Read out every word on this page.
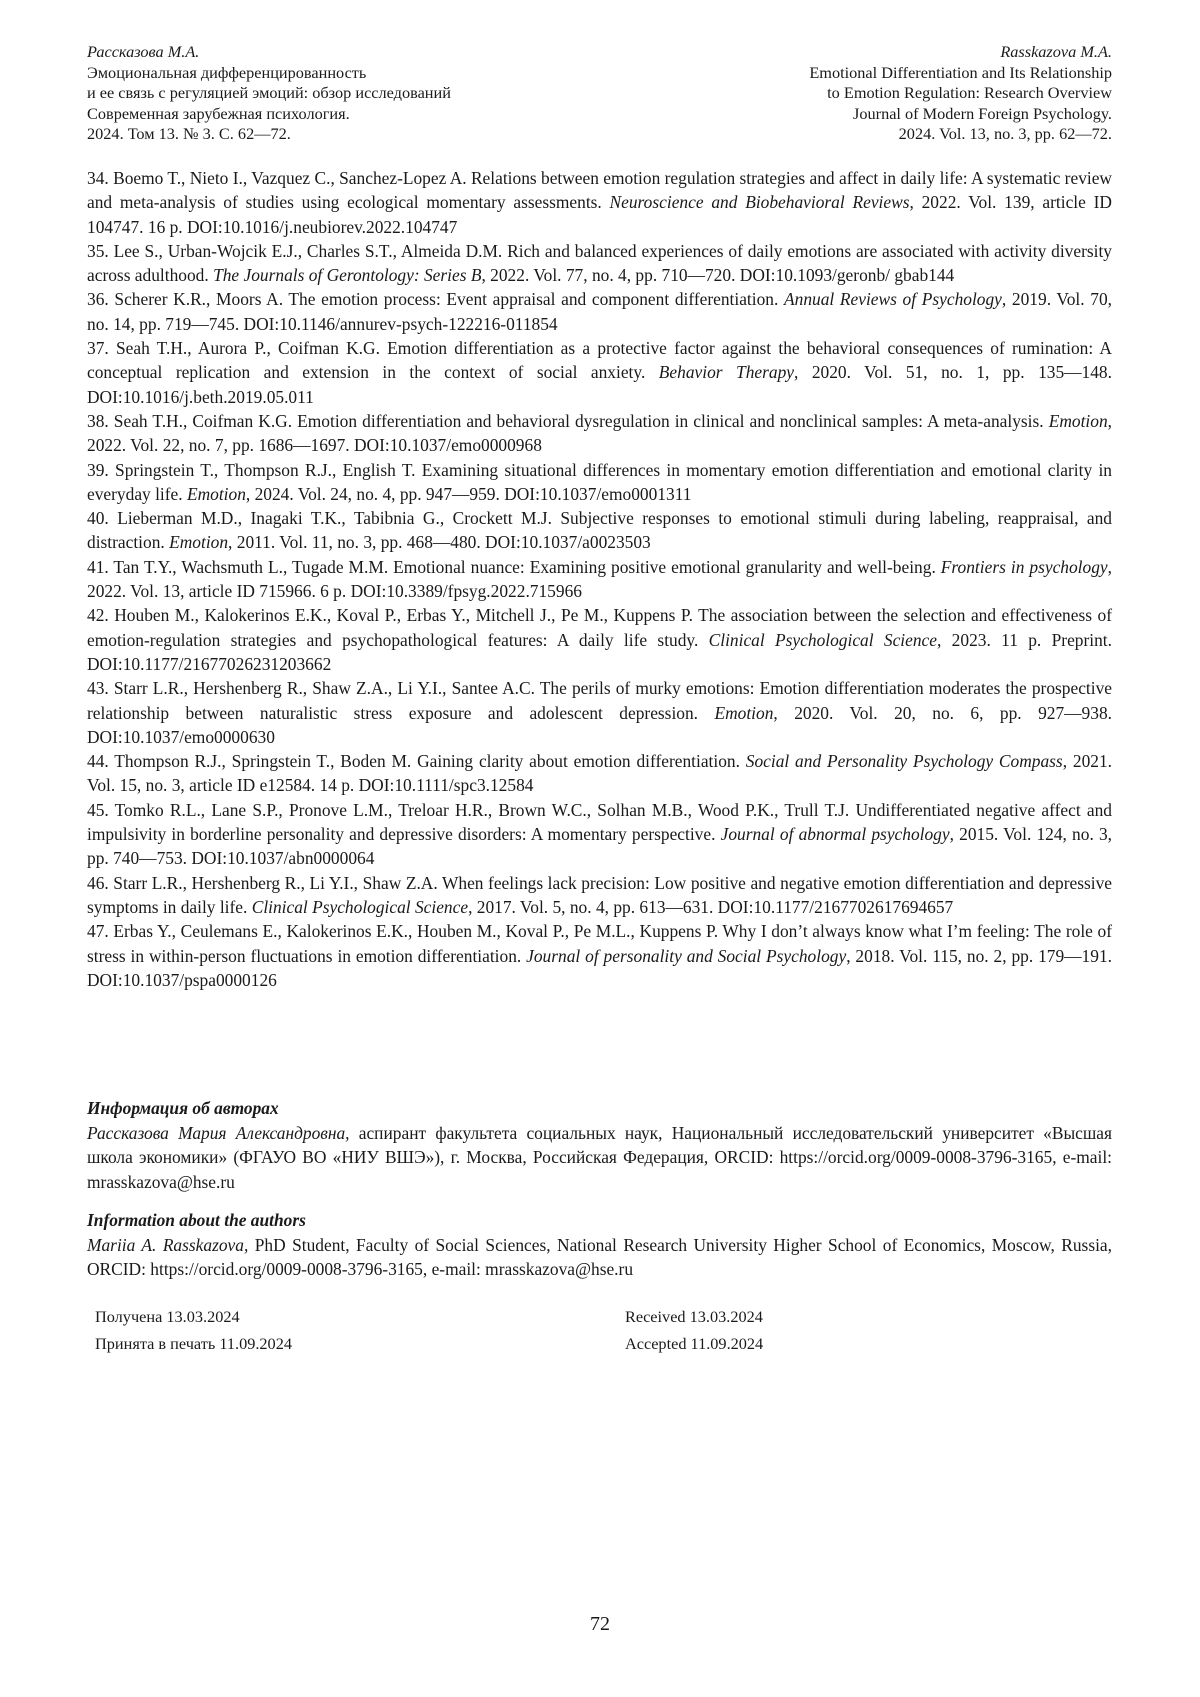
Рассказова М.А.
Эмоциональная дифференцированность
и ее связь с регуляцией эмоций: обзор исследований
Современная зарубежная психология.
2024. Том 13. № 3. С. 62—72.
Rasskazova M.A.
Emotional Differentiation and Its Relationship
to Emotion Regulation: Research Overview
Journal of Modern Foreign Psychology.
2024. Vol. 13, no. 3, pp. 62—72.

34. Boemo T., Nieto I., Vazquez C., Sanchez-Lopez A. Relations between emotion regulation strategies and affect in daily life: A systematic review and meta-analysis of studies using ecological momentary assessments. Neuroscience and Biobehavioral Reviews, 2022. Vol. 139, article ID 104747. 16 p. DOI:10.1016/j.neubiorev.2022.104747

35. Lee S., Urban-Wojcik E.J., Charles S.T., Almeida D.M. Rich and balanced experiences of daily emotions are associated with activity diversity across adulthood. The Journals of Gerontology: Series B, 2022. Vol. 77, no. 4, pp. 710—720. DOI:10.1093/geronb/ gbab144

36. Scherer K.R., Moors A. The emotion process: Event appraisal and component differentiation. Annual Reviews of Psychology, 2019. Vol. 70, no. 14, pp. 719—745. DOI:10.1146/annurev-psych-122216-011854

37. Seah T.H., Aurora P., Coifman K.G. Emotion differentiation as a protective factor against the behavioral consequences of rumination: A conceptual replication and extension in the context of social anxiety. Behavior Therapy, 2020. Vol. 51, no. 1, pp. 135—148. DOI:10.1016/j.beth.2019.05.011

38. Seah T.H., Coifman K.G. Emotion differentiation and behavioral dysregulation in clinical and nonclinical samples: A meta-analysis. Emotion, 2022. Vol. 22, no. 7, pp. 1686—1697. DOI:10.1037/emo0000968

39. Springstein T., Thompson R.J., English T. Examining situational differences in momentary emotion differentiation and emotional clarity in everyday life. Emotion, 2024. Vol. 24, no. 4, pp. 947—959. DOI:10.1037/emo0001311

40. Lieberman M.D., Inagaki T.K., Tabibnia G., Crockett M.J. Subjective responses to emotional stimuli during labeling, reappraisal, and distraction. Emotion, 2011. Vol. 11, no. 3, pp. 468—480. DOI:10.1037/a0023503

41. Tan T.Y., Wachsmuth L., Tugade M.M. Emotional nuance: Examining positive emotional granularity and well-being. Frontiers in psychology, 2022. Vol. 13, article ID 715966. 6 p. DOI:10.3389/fpsyg.2022.715966

42. Houben M., Kalokerinos E.K., Koval P., Erbas Y., Mitchell J., Pe M., Kuppens P. The association between the selection and effectiveness of emotion-regulation strategies and psychopathological features: A daily life study. Clinical Psychological Science, 2023. 11 p. Preprint. DOI:10.1177/21677026231203662

43. Starr L.R., Hershenberg R., Shaw Z.A., Li Y.I., Santee A.C. The perils of murky emotions: Emotion differentiation moderates the prospective relationship between naturalistic stress exposure and adolescent depression. Emotion, 2020. Vol. 20, no. 6, pp. 927—938. DOI:10.1037/emo0000630

44. Thompson R.J., Springstein T., Boden M. Gaining clarity about emotion differentiation. Social and Personality Psychology Compass, 2021. Vol. 15, no. 3, article ID e12584. 14 p. DOI:10.1111/spc3.12584

45. Tomko R.L., Lane S.P., Pronove L.M., Treloar H.R., Brown W.C., Solhan M.B., Wood P.K., Trull T.J. Undifferentiated negative affect and impulsivity in borderline personality and depressive disorders: A momentary perspective. Journal of abnormal psychology, 2015. Vol. 124, no. 3, pp. 740—753. DOI:10.1037/abn0000064

46. Starr L.R., Hershenberg R., Li Y.I., Shaw Z.A. When feelings lack precision: Low positive and negative emotion differentiation and depressive symptoms in daily life. Clinical Psychological Science, 2017. Vol. 5, no. 4, pp. 613—631. DOI:10.1177/2167702617694657

47. Erbas Y., Ceulemans E., Kalokerinos E.K., Houben M., Koval P., Pe M.L., Kuppens P. Why I don’t always know what I’m feeling: The role of stress in within-person fluctuations in emotion differentiation. Journal of personality and Social Psychology, 2018. Vol. 115, no. 2, pp. 179—191. DOI:10.1037/pspa0000126

Информация об авторах
Рассказова Мария Александровна, аспирант факультета социальных наук, Национальный исследовательский университет «Высшая школа экономики» (ФГАУО ВО «НИУ ВШЭ»), г. Москва, Российская Федерация, ORCID: https://orcid.org/0009-0008-3796-3165, e-mail: mrasskazova@hse.ru
Information about the authors
Mariia A. Rasskazova, PhD Student, Faculty of Social Sciences, National Research University Higher School of Economics, Moscow, Russia, ORCID: https://orcid.org/0009-0008-3796-3165, e-mail: mrasskazova@hse.ru
Получена 13.03.2024
Принята в печать 11.09.2024
Received 13.03.2024
Accepted 11.09.2024
72
